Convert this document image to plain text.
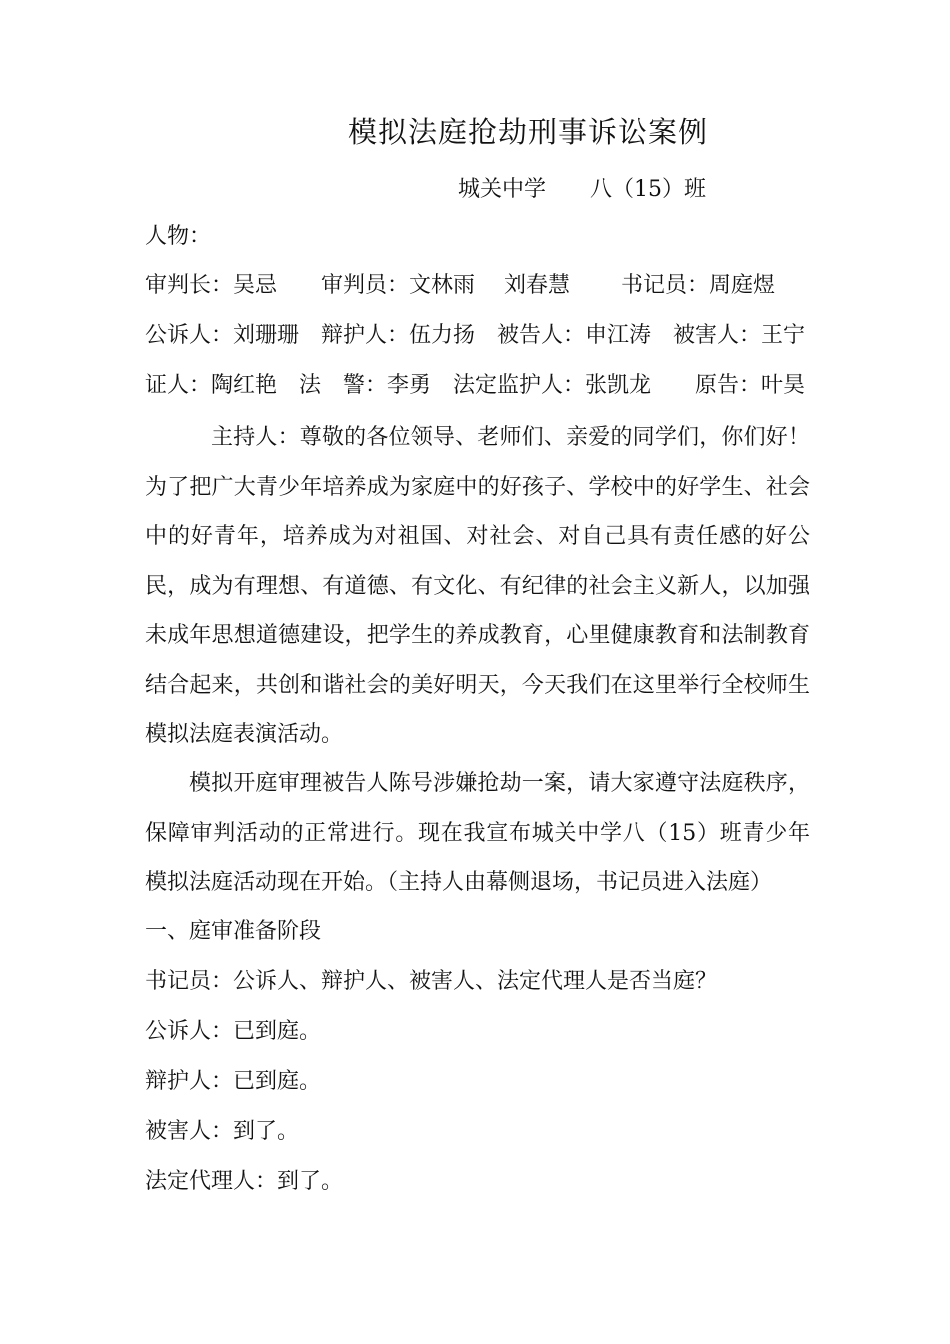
模拟法庭抢劫刑事诉讼案例
城关中学　　八（15）班
人物：
审判长：吴忌　　审判员：文林雨　 刘春慧　　 书记员：周庭煜
公诉人：刘珊珊　辩护人：伍力扬　被告人：申江涛　被害人：王宁
证人：陶红艳　法　警：李勇　法定监护人：张凯龙　　原告：叶昊
主持人：尊敬的各位领导、老师们、亲爱的同学们，你们好！为了把广大青少年培养成为家庭中的好孩子、学校中的好学生、社会中的好青年，培养成为对祖国、对社会、对自己具有责任感的好公民，成为有理想、有道德、有文化、有纪律的社会主义新人，以加强未成年思想道德建设，把学生的养成教育，心里健康教育和法制教育结合起来，共创和谐社会的美好明天，今天我们在这里举行全校师生模拟法庭表演活动。
模拟开庭审理被告人陈号涉嫌抢劫一案，请大家遵守法庭秩序，保障审判活动的正常进行。现在我宣布城关中学八（15）班青少年模拟法庭活动现在开始。（主持人由幕侧退场，书记员进入法庭）
一、庭审准备阶段
书记员：公诉人、辩护人、被害人、法定代理人是否当庭？
公诉人：已到庭。
辩护人：已到庭。
被害人：到了。
法定代理人：到了。
